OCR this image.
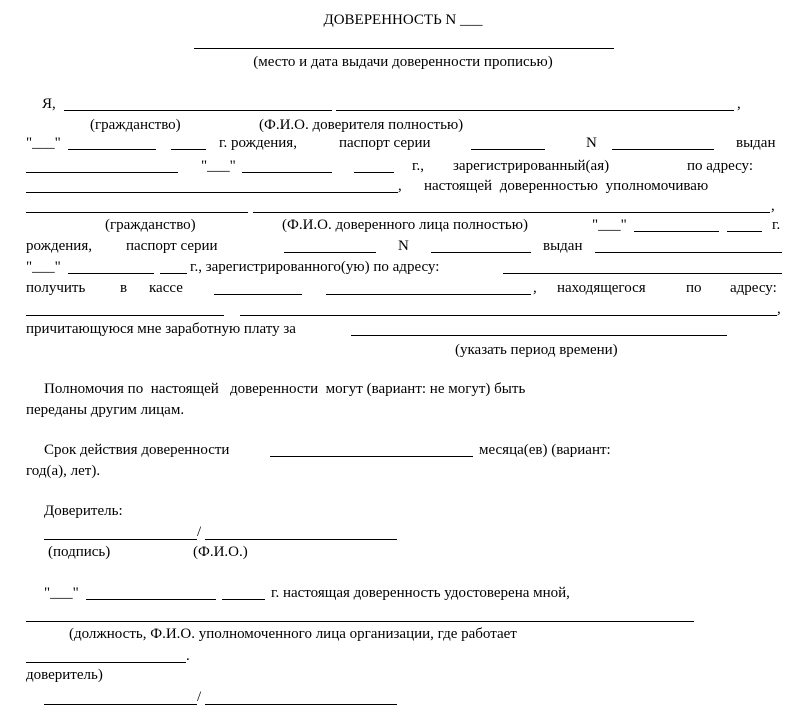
ДОВЕРЕННОСТЬ N ___
(место и дата выдачи доверенности прописью)
Я,	,
(гражданство)	(Ф.И.О. доверителя полностью)
"___"	г. рождения,	паспорт серии	N	выдан
"___"	г., зарегистрированный(ая)	по адресу:
, настоящей доверенностью уполномочиваю
,
(гражданство)	(Ф.И.О. доверенного лица полностью)	"___"	г.
рождения, паспорт серии	N	выдан
"___"	г., зарегистрированного(ую) по адресу:
получить в кассе	, находящегося	по адресу:
,
причитающуюся мне заработную плату за
(указать период времени)
Полномочия по  настоящей   доверенности  могут (вариант: не могут) быть
переданы другим лицам.
Срок действия доверенности	месяца(ев) (вариант:
год(а), лет).
Доверитель:
/
(подпись)	(Ф.И.О.)
"___"	г. настоящая доверенность удостоверена мной,
(должность, Ф.И.О. уполномоченного лица организации, где работает
.
доверитель)
/
